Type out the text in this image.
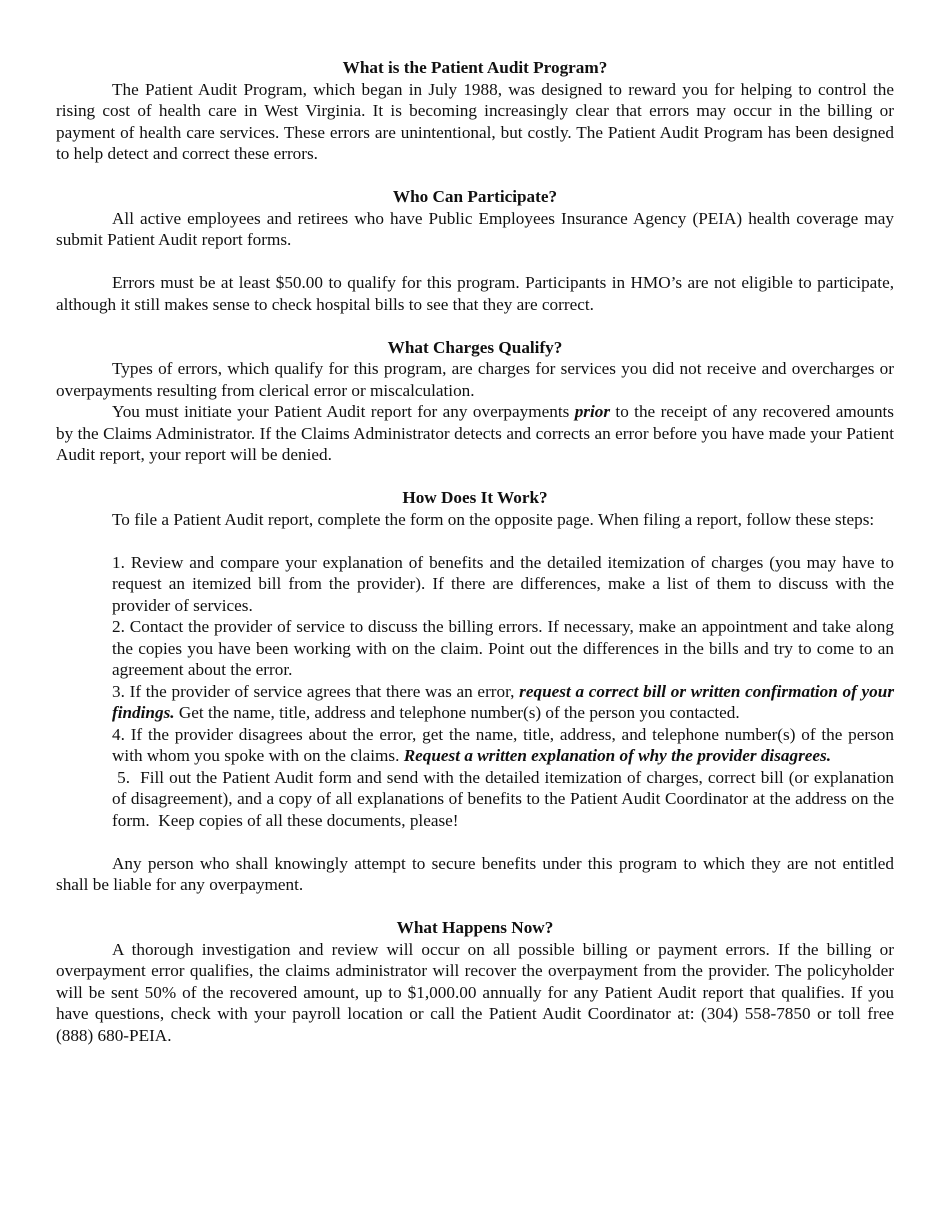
What is the Patient Audit Program?

The Patient Audit Program, which began in July 1988, was designed to reward you for helping to control the rising cost of health care in West Virginia. It is becoming increasingly clear that errors may occur in the billing or payment of health care services. These errors are unintentional, but costly. The Patient Audit Program has been designed to help detect and correct these errors.

Who Can Participate?

All active employees and retirees who have Public Employees Insurance Agency (PEIA) health coverage may submit Patient Audit report forms.

Errors must be at least $50.00 to qualify for this program. Participants in HMO’s are not eligible to participate, although it still makes sense to check hospital bills to see that they are correct.

What Charges Qualify?

Types of errors, which qualify for this program, are charges for services you did not receive and overcharges or overpayments resulting from clerical error or miscalculation.

You must initiate your Patient Audit report for any overpayments prior to the receipt of any recovered amounts by the Claims Administrator. If the Claims Administrator detects and corrects an error before you have made your Patient Audit report, your report will be denied.

How Does It Work?

To file a Patient Audit report, complete the form on the opposite page. When filing a report, follow these steps:

1. Review and compare your explanation of benefits and the detailed itemization of charges (you may have to request an itemized bill from the provider). If there are differences, make a list of them to discuss with the provider of services.

2. Contact the provider of service to discuss the billing errors. If necessary, make an appointment and take along the copies you have been working with on the claim. Point out the differences in the bills and try to come to an agreement about the error.

3. If the provider of service agrees that there was an error, request a correct bill or written confirmation of your findings. Get the name, title, address and telephone number(s) of the person you contacted.

4. If the provider disagrees about the error, get the name, title, address, and telephone number(s) of the person with whom you spoke with on the claims. Request a written explanation of why the provider disagrees.

5.  Fill out the Patient Audit form and send with the detailed itemization of charges, correct bill (or explanation of disagreement), and a copy of all explanations of benefits to the Patient Audit Coordinator at the address on the form.  Keep copies of all these documents, please!

Any person who shall knowingly attempt to secure benefits under this program to which they are not entitled shall be liable for any overpayment.

What Happens Now?

A thorough investigation and review will occur on all possible billing or payment errors. If the billing or overpayment error qualifies, the claims administrator will recover the overpayment from the provider. The policyholder will be sent 50% of the recovered amount, up to $1,000.00 annually for any Patient Audit report that qualifies. If you have questions, check with your payroll location or call the Patient Audit Coordinator at: (304) 558-7850 or toll free (888) 680-PEIA.
